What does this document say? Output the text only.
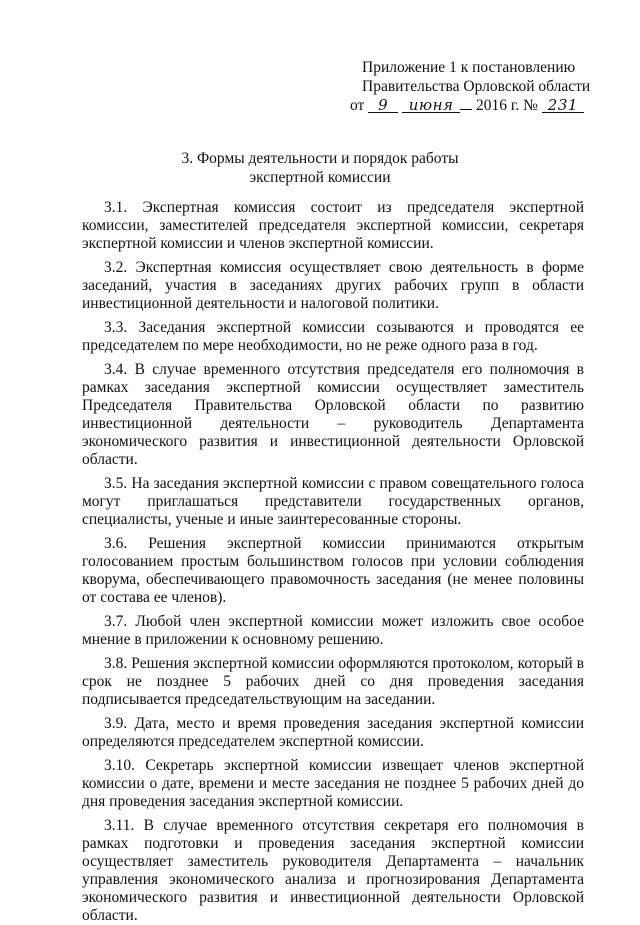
Приложение 1 к постановлению
Правительства Орловской области
от 9 июня 2016 г. № 231
3. Формы деятельности и порядок работы
экспертной комиссии

3.1. Экспертная комиссия состоит из председателя экспертной комиссии, заместителей председателя экспертной комиссии, секретаря экспертной комиссии и членов экспертной комиссии.

3.2. Экспертная комиссия осуществляет свою деятельность в форме заседаний, участия в заседаниях других рабочих групп в области инвестиционной деятельности и налоговой политики.

3.3. Заседания экспертной комиссии созываются и проводятся ее председателем по мере необходимости, но не реже одного раза в год.

3.4. В случае временного отсутствия председателя его полномочия в рамках заседания экспертной комиссии осуществляет заместитель Председателя Правительства Орловской области по развитию инвестиционной деятельности – руководитель Департамента экономического развития и инвестиционной деятельности Орловской области.

3.5. На заседания экспертной комиссии с правом совещательного голоса могут приглашаться представители государственных органов, специалисты, ученые и иные заинтересованные стороны.

3.6. Решения экспертной комиссии принимаются открытым голосованием простым большинством голосов при условии соблюдения кворума, обеспечивающего правомочность заседания (не менее половины от состава ее членов).

3.7. Любой член экспертной комиссии может изложить свое особое мнение в приложении к основному решению.

3.8. Решения экспертной комиссии оформляются протоколом, который в срок не позднее 5 рабочих дней со дня проведения заседания подписывается председательствующим на заседании.

3.9. Дата, место и время проведения заседания экспертной комиссии определяются председателем экспертной комиссии.

3.10. Секретарь экспертной комиссии извещает членов экспертной комиссии о дате, времени и месте заседания не позднее 5 рабочих дней до дня проведения заседания экспертной комиссии.

3.11. В случае временного отсутствия секретаря его полномочия в рамках подготовки и проведения заседания экспертной комиссии осуществляет заместитель руководителя Департамента – начальник управления экономического анализа и прогнозирования Департамента экономического развития и инвестиционной деятельности Орловской области.
